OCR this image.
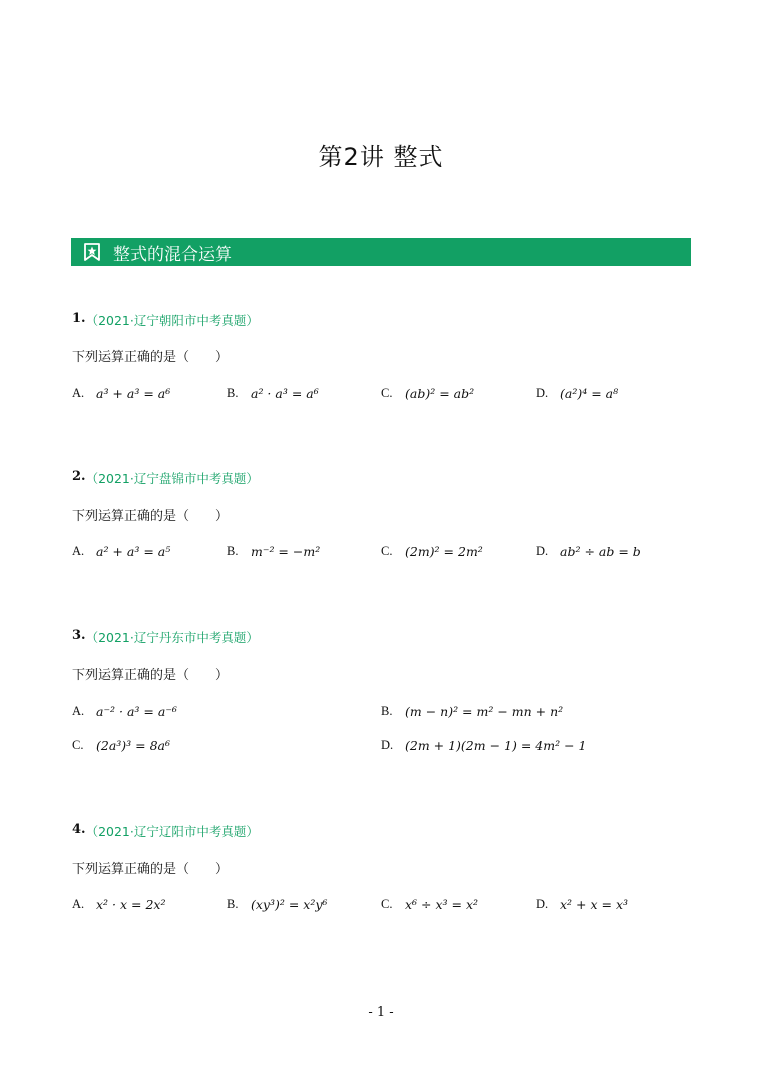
第2讲 整式
整式的混合运算
1. （2021·辽宁朝阳市中考真题）
下列运算正确的是（　　）
A. a³ + a³ = a⁶	B.	a² · a³ = a⁶	C.	(ab)² = ab²	D. (a²)⁴ = a⁸
2. （2021·辽宁盘锦市中考真题）
下列运算正确的是（　　）
A. a² + a³ = a⁵	B.	m⁻² = −m²	C.	(2m)² = 2m²	D. ab² ÷ ab = b
3. （2021·辽宁丹东市中考真题）
下列运算正确的是（　　）
A. a⁻² · a³ = a⁻⁶	B.	(m − n)² = m² − mn + n²
C.	(2a³)³ = 8a⁶	D. (2m + 1)(2m − 1) = 4m² − 1
4. （2021·辽宁辽阳市中考真题）
下列运算正确的是（　　）
A. x² · x = 2x²	B.	(xy³)² = x²y⁶	C.	x⁶ ÷ x³ = x²	D. x² + x = x³
- 1 -
